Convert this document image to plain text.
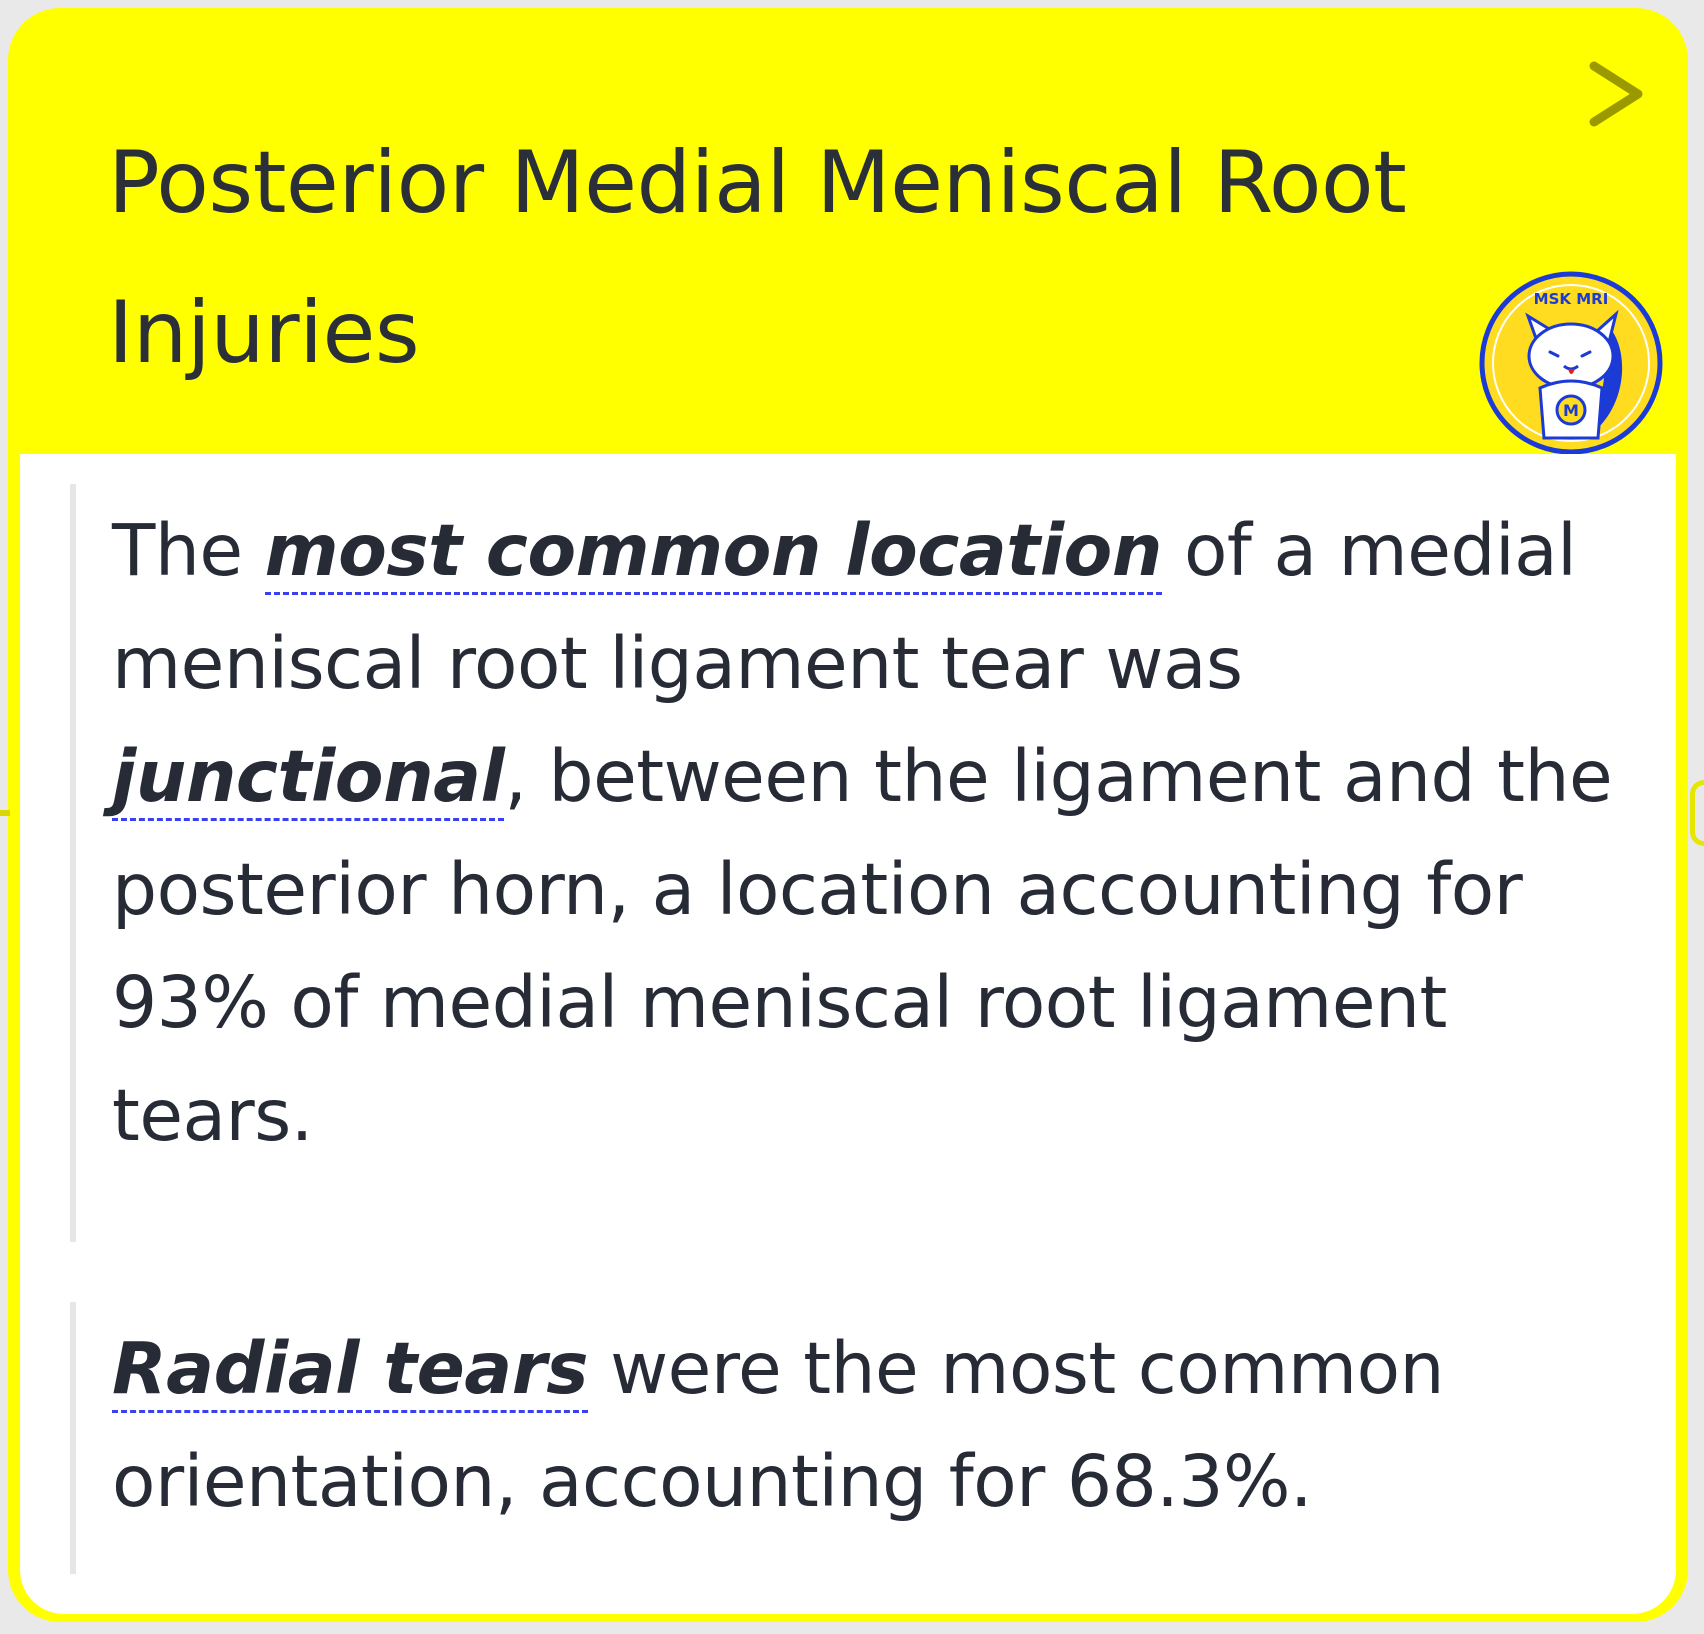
Posterior Medial Meniscal Root Injuries
M
MSK MRI

The most common location of a medial meniscal root ligament tear was junctional, between the ligament and the posterior horn, a location accounting for 93% of medial meniscal root ligament tears.

Radial tears were the most common orientation, accounting for 68.3%.
